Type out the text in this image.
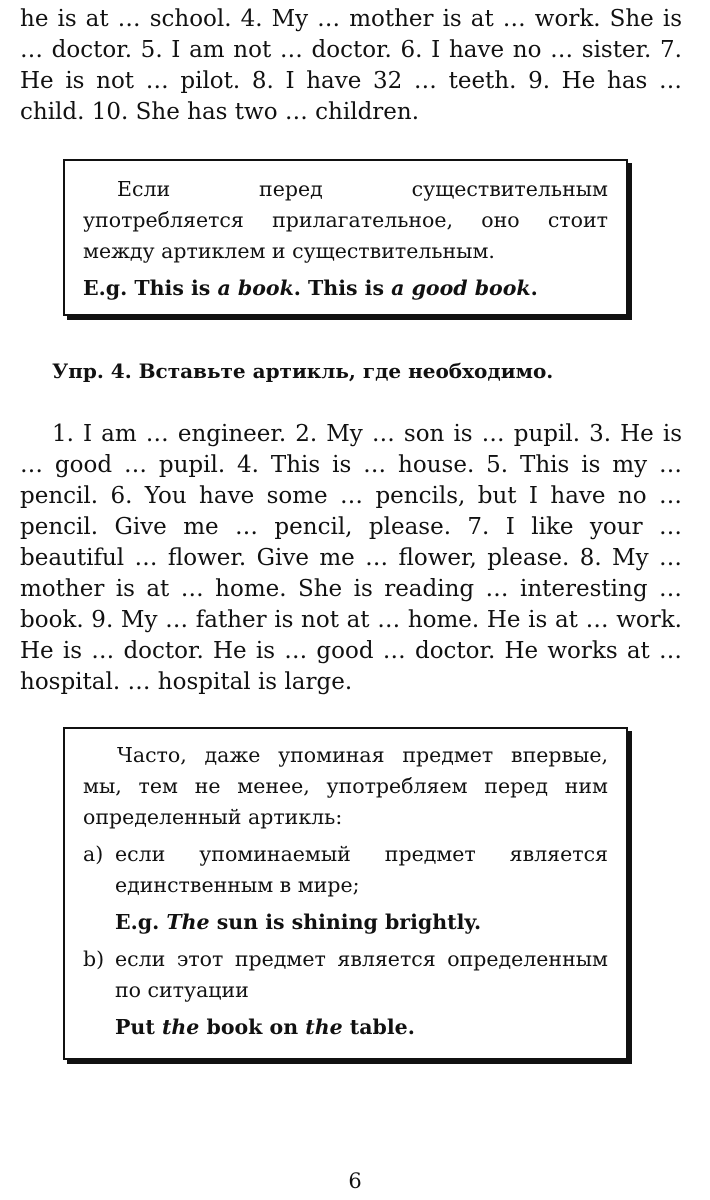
he is at … school. 4. My … mother is at … work. She is … doctor. 5. I am not … doctor. 6. I have no … sister. 7. He is not … pilot. 8. I have 32 … teeth. 9. He has … child. 10. She has two … children.

Если перед существительным употребляется прилагательное, оно стоит между артиклем и существительным.

E.g. This is a book. This is a good book.

Упр. 4. Вставьте артикль, где необходимо.

1. I am … engineer. 2. My … son is … pupil. 3. He is … good … pupil. 4. This is … house. 5. This is my … pencil. 6. You have some … pencils, but I have no … pencil. Give me … pencil, please. 7. I like your … beautiful … flower. Give me … flower, please. 8. My … mother is at … home. She is reading … interesting … book. 9. My … father is not at … home. He is at … work. He is … doctor. He is … good … doctor. He works at … hospital. … hospital is large.

Часто, даже упоминая предмет впервые, мы, тем не менее, употребляем перед ним определенный артикль:

a) если упоминаемый предмет является единственным в мире;

E.g. The sun is shining brightly.

b) если этот предмет является определенным по ситуации

Put the book on the table.

6
